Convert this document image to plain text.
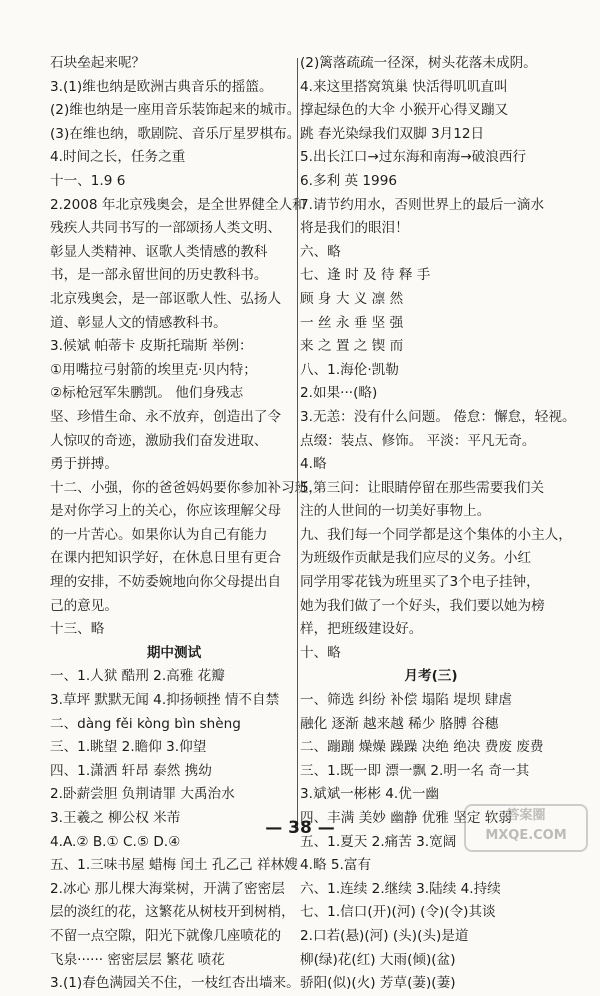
石块垒起来呢？
3.(1)维也纳是欧洲古典音乐的摇篮。
(2)维也纳是一座用音乐装饰起来的城市。
(3)在维也纳，歌剧院、音乐厅星罗棋布。
4.时间之长，任务之重
十一、1.9 6
2.2008 年北京残奥会，是全世界健全人和
残疾人共同书写的一部颂扬人类文明、
彰显人类精神、讴歌人类情感的教科
书，是一部永留世间的历史教科书。
北京残奥会，是一部讴歌人性、弘扬人
道、彰显人文的情感教科书。
3.候斌 帕蒂卡 皮斯托瑞斯 举例：
①用嘴拉弓射箭的埃里克·贝内特；
②标枪冠军朱鹏凯。 他们身残志
坚、珍惜生命、永不放弃，创造出了令
人惊叹的奇迹，激励我们奋发进取、
勇于拼搏。
十二、小强，你的爸爸妈妈要你参加补习班，
是对你学习上的关心，你应该理解父母
的一片苦心。如果你认为自己有能力
在课内把知识学好，在休息日里有更合
理的安排，不妨委婉地向你父母提出自
己的意见。
十三、略
期中测试
一、1.人狱 酷刑 2.高雅 花瓣
3.草坪 默默无闻 4.抑扬顿挫 情不自禁
二、dàng fěi kòng bìn shèng
三、1.眺望 2.瞻仰 3.仰望
四、1.潇洒 轩昂 泰然 携幼
2.卧薪尝胆 负荆请罪 大禹治水
3.王羲之 柳公权 米芾
4.A.② B.① C.⑤ D.④
五、1.三味书屋 蜡梅 闰土 孔乙己 祥林嫂
2.冰心 那儿棵大海棠树，开满了密密层
层的淡红的花，这繁花从树枝开到树梢，
不留一点空隙，阳光下就像几座喷花的
飞泉······ 密密层层 繁花 喷花
3.(1)春色满园关不住，一枝红杏出墙来。
(2)篱落疏疏一径深，树头花落未成阴。
4.来这里搭窝筑巢 快活得叽叽直叫
撑起绿色的大伞 小猴开心得叉蹦又
跳 春光染绿我们双脚 3月12日
5.出长江口→过东海和南海→破浪西行
6.多利 英 1996
7.请节约用水，否则世界上的最后一滴水
将是我们的眼泪！
六、略
七、逢 时 及 待 释 手
顾 身 大 义 凛 然
一 丝 永 垂 坚 强
来 之 置 之 锲 而
八、1.海伦·凯勒
2.如果···(略)
3.无恙：没有什么问题。 倦怠：懈怠，轻视。
点缀：装点、修饰。 平淡：平凡无奇。
4.略
5.第三问：让眼睛停留在那些需要我们关
注的人世间的一切美好事物上。
九、我们每一个同学都是这个集体的小主人，
为班级作贡献是我们应尽的义务。小红
同学用零花钱为班里买了3个电子挂钟，
她为我们做了一个好头，我们要以她为榜
样，把班级建设好。
十、略
月考(三)
一、筛选 纠纷 补偿 塌陷 堤坝 肆虐
融化 逐渐 越来越 稀少 胳膊 谷穗
二、蹦蹦 燥燥 躁躁 决绝 绝决 费废 废费
三、1.既一即 漂一飘 2.明一名 奇一其
3.斌斌一彬彬 4.优一幽
四、丰满 美妙 幽静 优雅 坚定 软弱
五、1.夏天 2.痛苦 3.宽阔
4.略 5.富有
六、1.连续 2.继续 3.陆续 4.持续
七、1.信口(开)(河) (令)(令)其谈
2.口若(悬)(河) (头)(头)是道
柳(绿)花(红) 大雨(倾)(盆)
骄阳(似)(火) 芳草(萋)(萋)
— 38 —
答案圈 MXQE.COM
